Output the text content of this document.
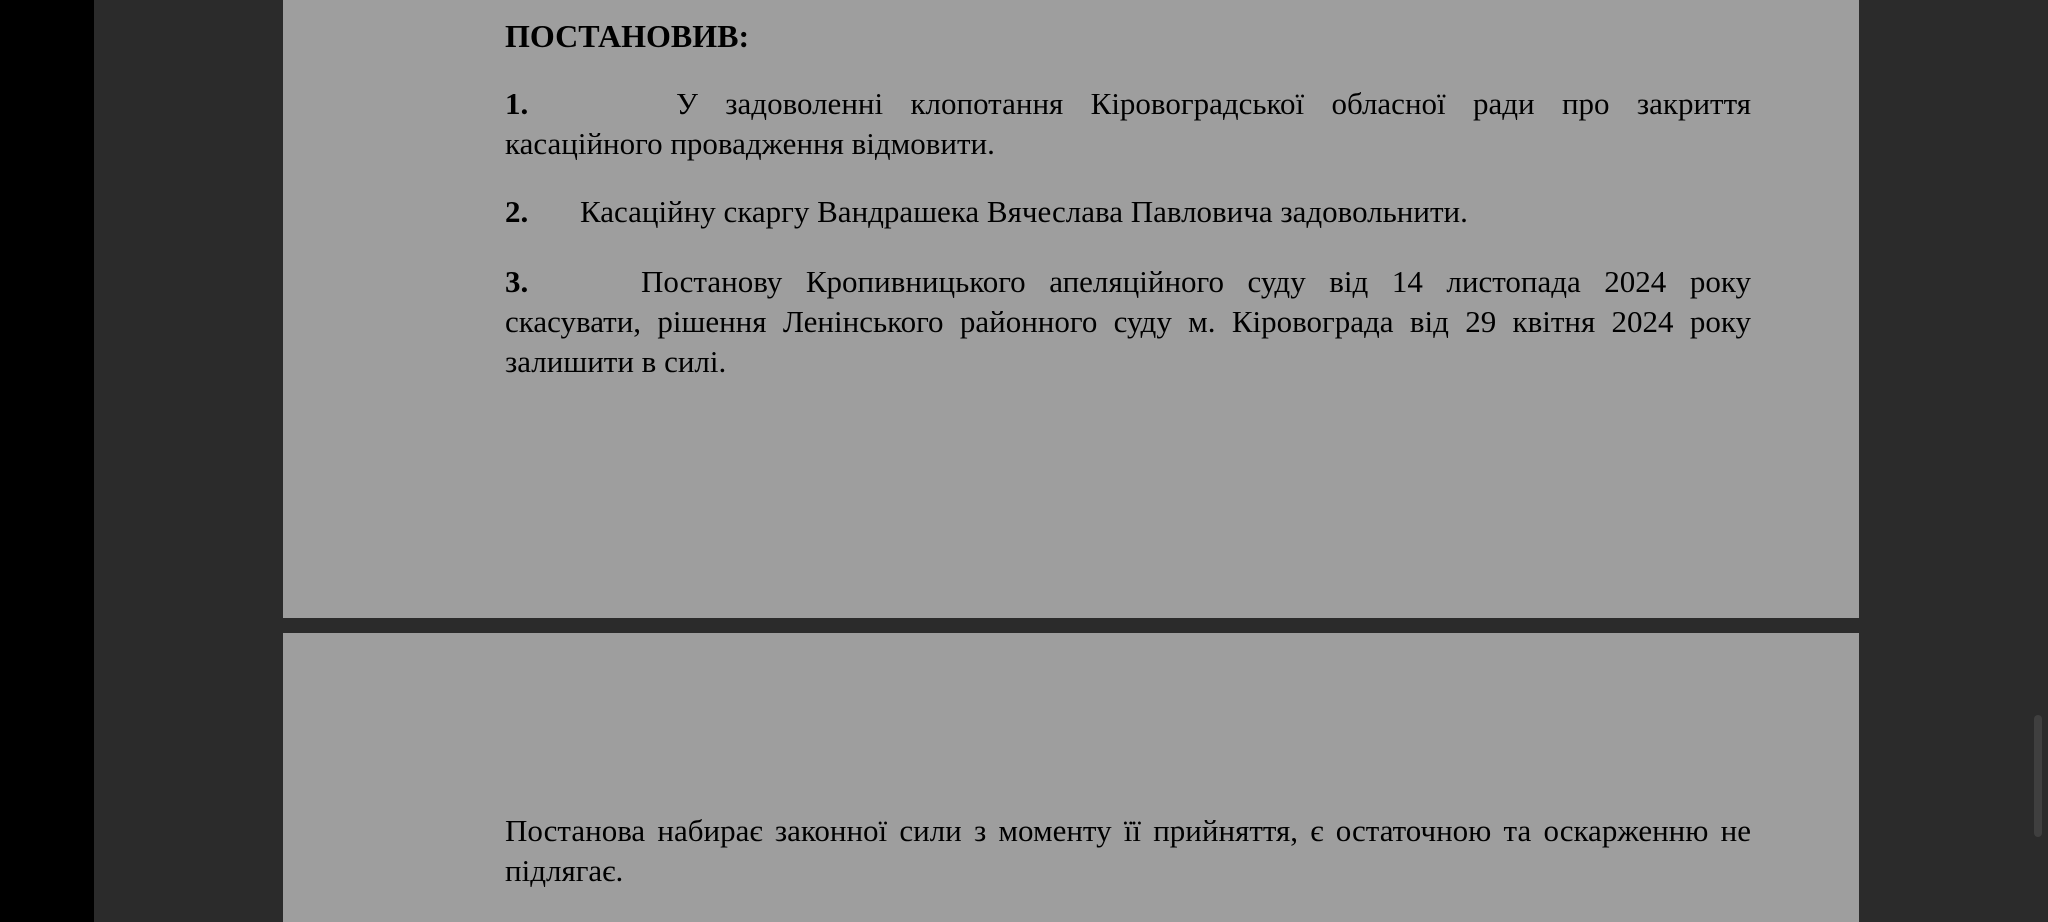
ПОСТАНОВИВ:
1.	У задоволенні клопотання Кіровоградської обласної ради про закриття касаційного провадження відмовити.
2. Касаційну скаргу Вандрашека Вячеслава Павловича задовольнити.
3.	Постанову Кропивницького апеляційного суду від 14 листопада 2024 року скасувати, рішення Ленінського районного суду м. Кіровограда від 29 квітня 2024 року залишити в силі.
Постанова набирає законної сили з моменту її прийняття, є остаточною та оскарженню не підлягає.
